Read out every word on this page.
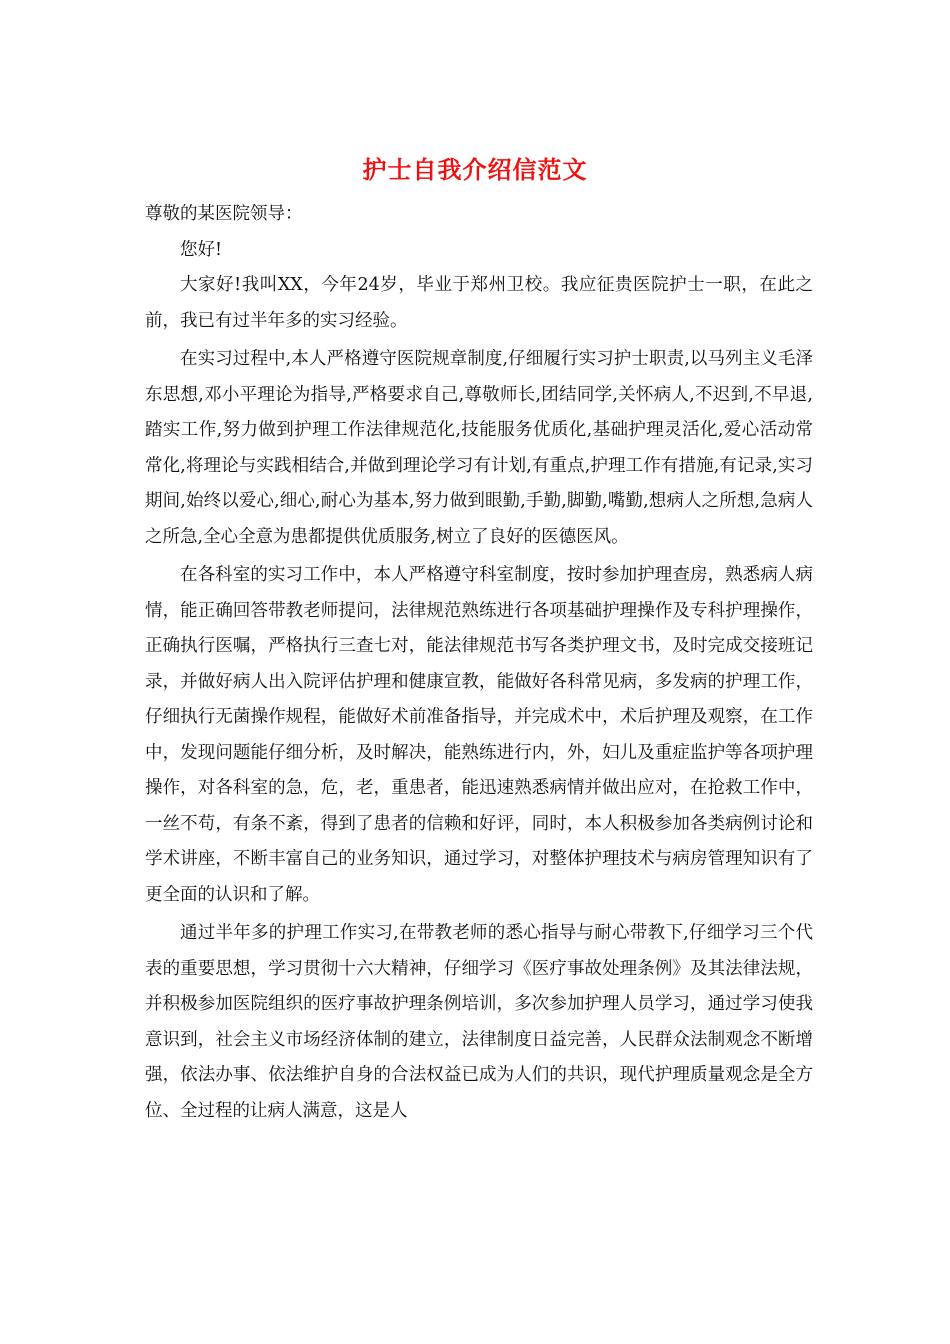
护士自我介绍信范文

尊敬的某医院领导：

您好!

大家好!我叫XX，今年24岁，毕业于郑州卫校。我应征贵医院护士一职，在此之前，我已有过半年多的实习经验。

在实习过程中,本人严格遵守医院规章制度,仔细履行实习护士职责,以马列主义毛泽东思想,邓小平理论为指导,严格要求自己,尊敬师长,团结同学,关怀病人,不迟到,不早退,踏实工作,努力做到护理工作法律规范化,技能服务优质化,基础护理灵活化,爱心活动常常化,将理论与实践相结合,并做到理论学习有计划,有重点,护理工作有措施,有记录,实习期间,始终以爱心,细心,耐心为基本,努力做到眼勤,手勤,脚勤,嘴勤,想病人之所想,急病人之所急,全心全意为患都提供优质服务,树立了良好的医德医风。

在各科室的实习工作中，本人严格遵守科室制度，按时参加护理查房，熟悉病人病情，能正确回答带教老师提问，法律规范熟练进行各项基础护理操作及专科护理操作，正确执行医嘱，严格执行三查七对，能法律规范书写各类护理文书，及时完成交接班记录，并做好病人出入院评估护理和健康宣教，能做好各科常见病，多发病的护理工作，仔细执行无菌操作规程，能做好术前准备指导，并完成术中，术后护理及观察，在工作中，发现问题能仔细分析，及时解决，能熟练进行内，外，妇儿及重症监护等各项护理操作，对各科室的急，危，老，重患者，能迅速熟悉病情并做出应对，在抢救工作中，一丝不苟，有条不紊，得到了患者的信赖和好评，同时，本人积极参加各类病例讨论和学术讲座，不断丰富自己的业务知识，通过学习，对整体护理技术与病房管理知识有了更全面的认识和了解。

通过半年多的护理工作实习,在带教老师的悉心指导与耐心带教下,仔细学习三个代表的重要思想，学习贯彻十六大精神，仔细学习《医疗事故处理条例》及其法律法规，并积极参加医院组织的医疗事故护理条例培训，多次参加护理人员学习，通过学习使我意识到，社会主义市场经济体制的建立，法律制度日益完善，人民群众法制观念不断增强，依法办事、依法维护自身的合法权益已成为人们的共识，现代护理质量观念是全方位、全过程的让病人满意，这是人
